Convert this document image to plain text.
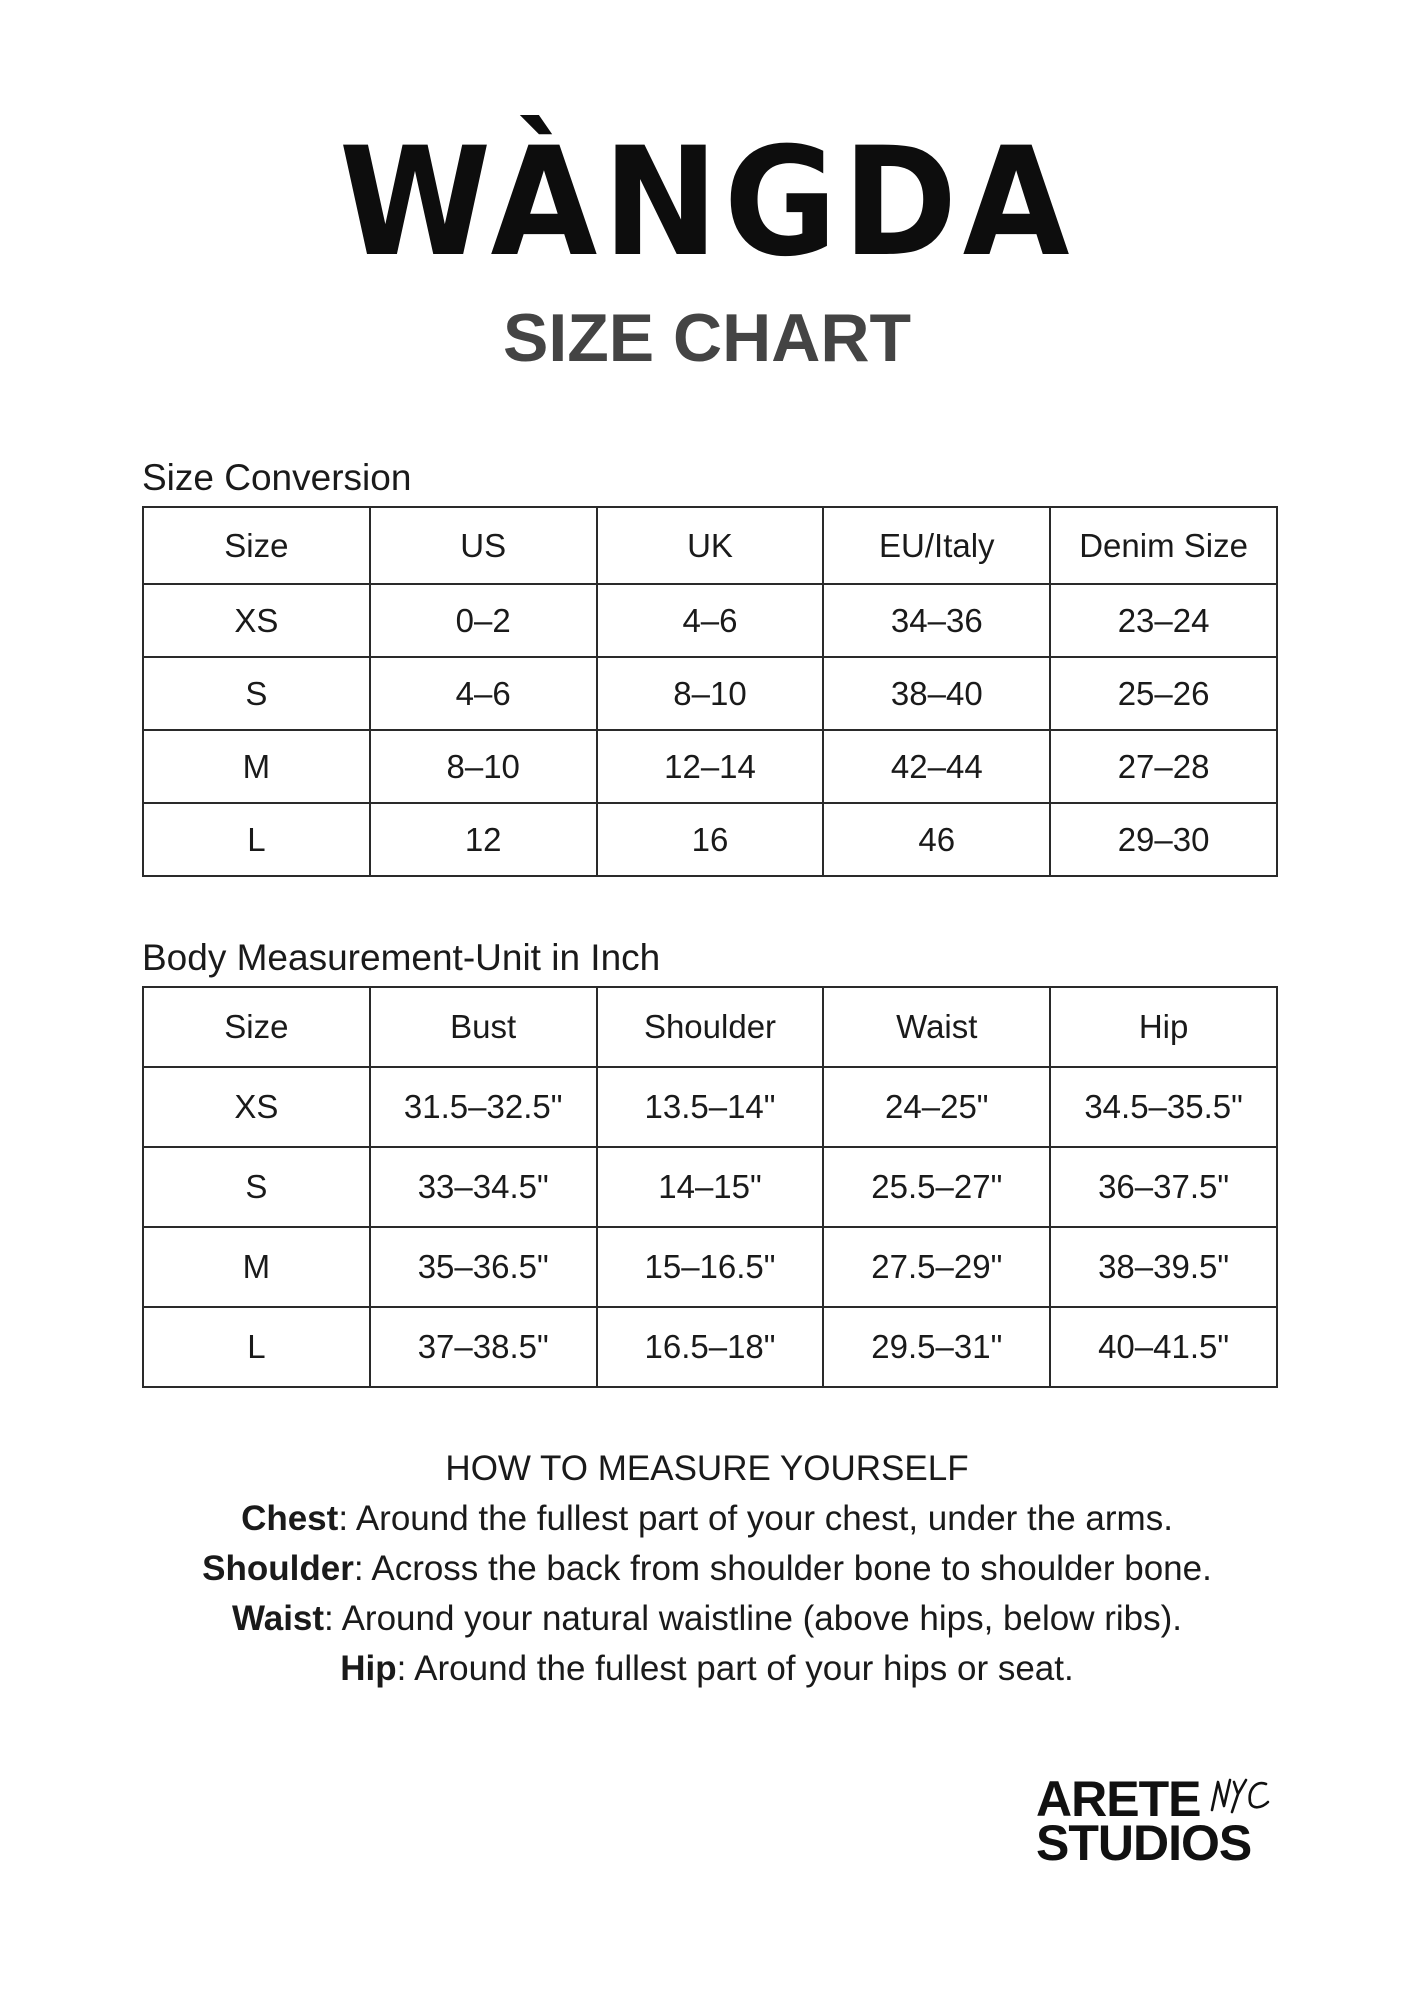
WÀNGDA
SIZE CHART
Size Conversion
Size	US	UK	EU/Italy	Denim Size
XS	0–2	4–6	34–36	23–24
S	4–6	8–10	38–40	25–26
M	8–10	12–14	42–44	27–28
L	12	16	46	29–30
Body Measurement-Unit in Inch
Size	Bust	Shoulder	Waist	Hip
XS	31.5–32.5"	13.5–14"	24–25"	34.5–35.5"
S	33–34.5"	14–15"	25.5–27"	36–37.5"
M	35–36.5"	15–16.5"	27.5–29"	38–39.5"
L	37–38.5"	16.5–18"	29.5–31"	40–41.5"
HOW TO MEASURE YOURSELF
Chest: Around the fullest part of your chest, under the arms.
Shoulder: Across the back from shoulder bone to shoulder bone.
Waist: Around your natural waistline (above hips, below ribs).
Hip: Around the fullest part of your hips or seat.
ARETE
STUDIOS
